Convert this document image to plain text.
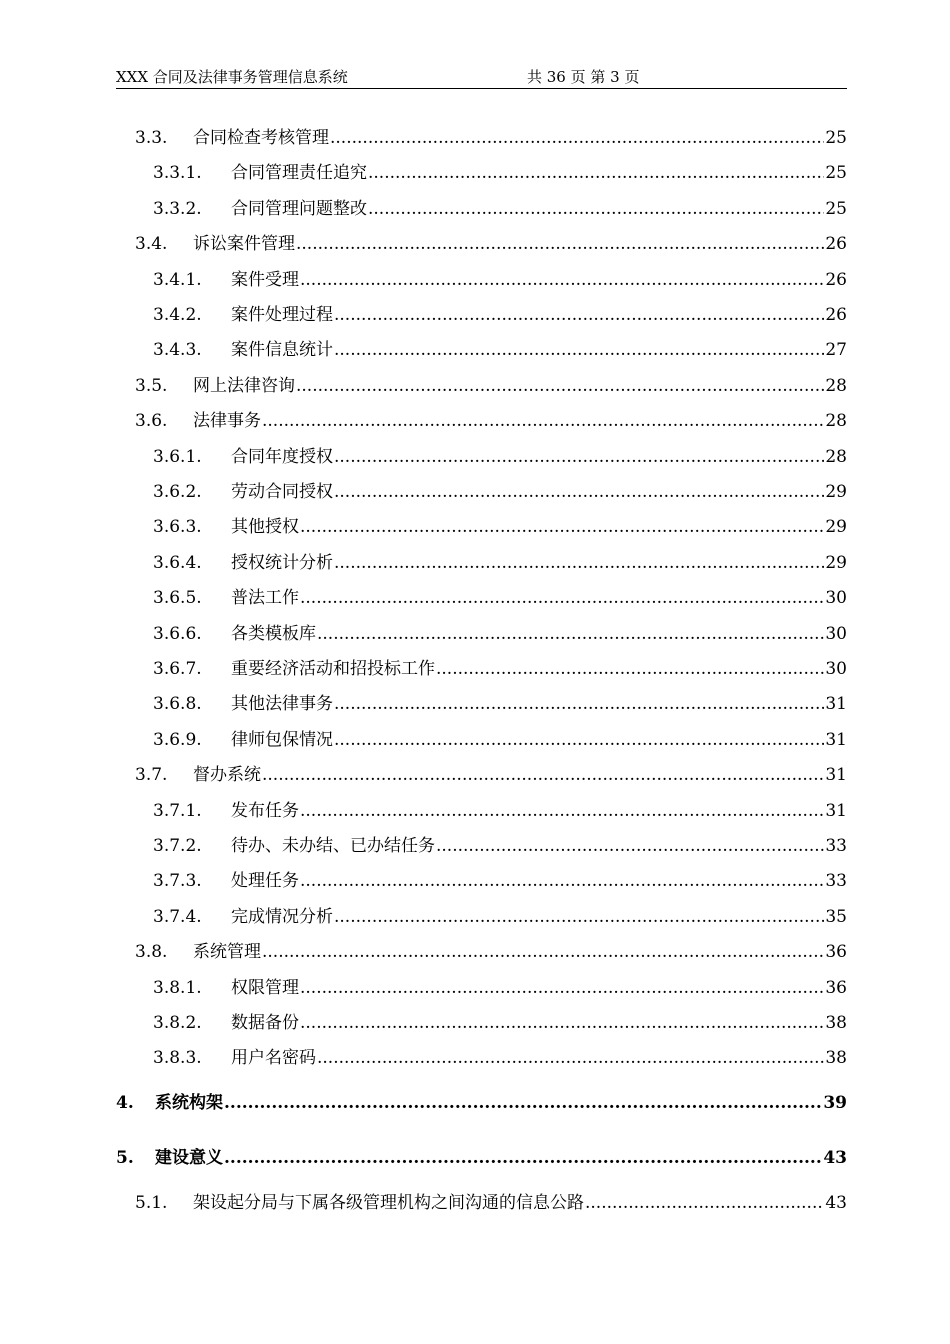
XXX 合同及法律事务管理信息系统	共 36 页 第 3 页
3.3.	合同检查考核管理 .....	25
3.3.1.	合同管理责任追究 .....	25
3.3.2.	合同管理问题整改 .....	25
3.4.	诉讼案件管理 .....	26
3.4.1.	案件受理 .....	26
3.4.2.	案件处理过程 .....	26
3.4.3.	案件信息统计 .....	27
3.5.	网上法律咨询 .....	28
3.6.	法律事务 .....	28
3.6.1.	合同年度授权 .....	28
3.6.2.	劳动合同授权 .....	29
3.6.3.	其他授权 .....	29
3.6.4.	授权统计分析 .....	29
3.6.5.	普法工作 .....	30
3.6.6.	各类模板库 .....	30
3.6.7.	重要经济活动和招投标工作 .....	30
3.6.8.	其他法律事务 .....	31
3.6.9.	律师包保情况 .....	31
3.7.	督办系统 .....	31
3.7.1.	发布任务 .....	31
3.7.2.	待办、未办结、已办结任务 .....	33
3.7.3.	处理任务 .....	33
3.7.4.	完成情况分析 .....	35
3.8.	系统管理 .....	36
3.8.1.	权限管理 .....	36
3.8.2.	数据备份 .....	38
3.8.3.	用户名密码 .....	38
4.	系统构架 .....	39
5.	建设意义 .....	43
5.1.	架设起分局与下属各级管理机构之间沟通的信息公路 .....	43
